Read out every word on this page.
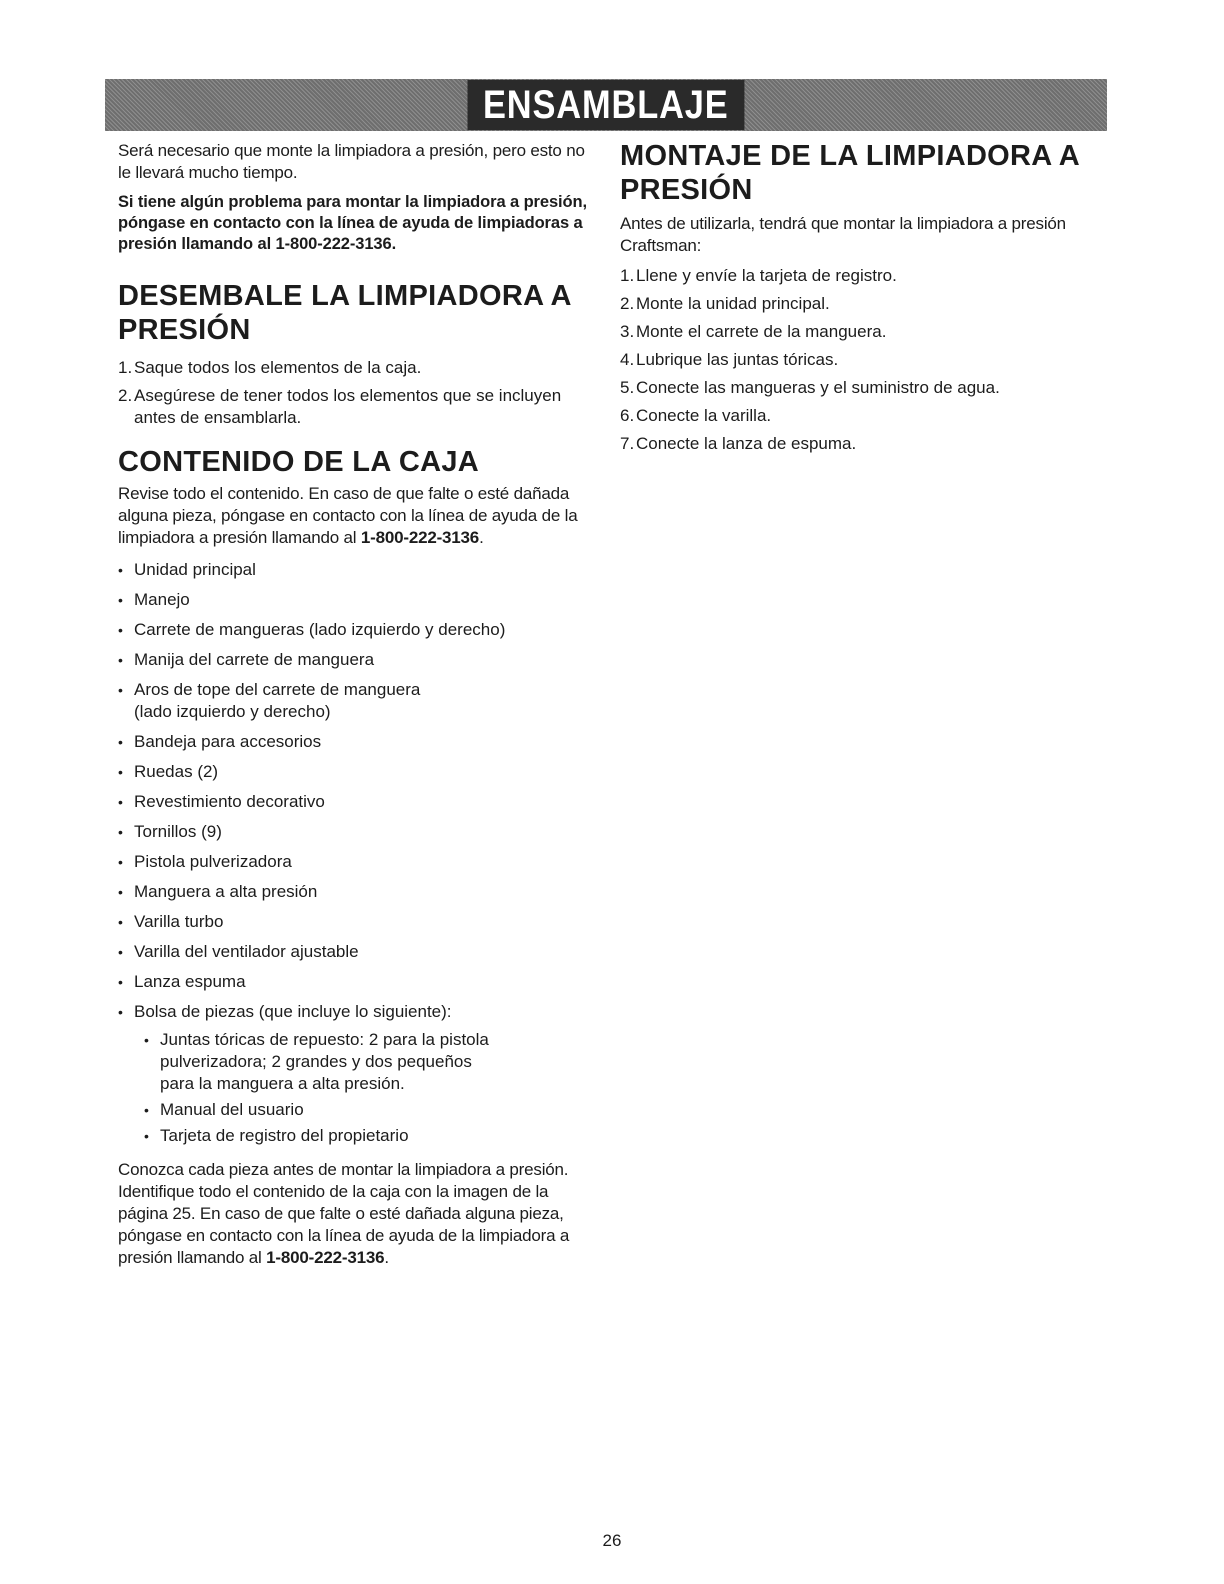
ENSAMBLAJE

Será necesario que monte la limpiadora a presión, pero esto no le llevará mucho tiempo.

Si tiene algún problema para montar la limpiadora a presión, póngase en contacto con la línea de ayuda de limpiadoras a presión llamando al 1-800-222-3136.

DESEMBALE LA LIMPIADORA A PRESIÓN
1. Saque todos los elementos de la caja.
2. Asegúrese de tener todos los elementos que se incluyen antes de ensamblarla.
CONTENIDO DE LA CAJA

Revise todo el contenido. En caso de que falte o esté dañada alguna pieza, póngase en contacto con la línea de ayuda de la limpiadora a presión llamando al 1-800-222-3136.

• Unidad principal
• Manejo
• Carrete de mangueras (lado izquierdo y derecho)
• Manija del carrete de manguera
• Aros de tope del carrete de manguera (lado izquierdo y derecho)
• Bandeja para accesorios
• Ruedas (2)
• Revestimiento decorativo
• Tornillos (9)
• Pistola pulverizadora
• Manguera a alta presión
• Varilla turbo
• Varilla del ventilador ajustable
• Lanza espuma
• Bolsa de piezas (que incluye lo siguiente):
• Juntas tóricas de repuesto: 2 para la pistola pulverizadora; 2 grandes y dos pequeños para la manguera a alta presión.
• Manual del usuario
• Tarjeta de registro del propietario

Conozca cada pieza antes de montar la limpiadora a presión. Identifique todo el contenido de la caja con la imagen de la página 25. En caso de que falte o esté dañada alguna pieza, póngase en contacto con la línea de ayuda de la limpiadora a presión llamando al 1-800-222-3136.

MONTAJE DE LA LIMPIADORA A PRESIÓN

Antes de utilizarla, tendrá que montar la limpiadora a presión Craftsman:

1. Llene y envíe la tarjeta de registro.
2. Monte la unidad principal.
3. Monte el carrete de la manguera.
4. Lubrique las juntas tóricas.
5. Conecte las mangueras y el suministro de agua.
6. Conecte la varilla.
7. Conecte la lanza de espuma.
26
